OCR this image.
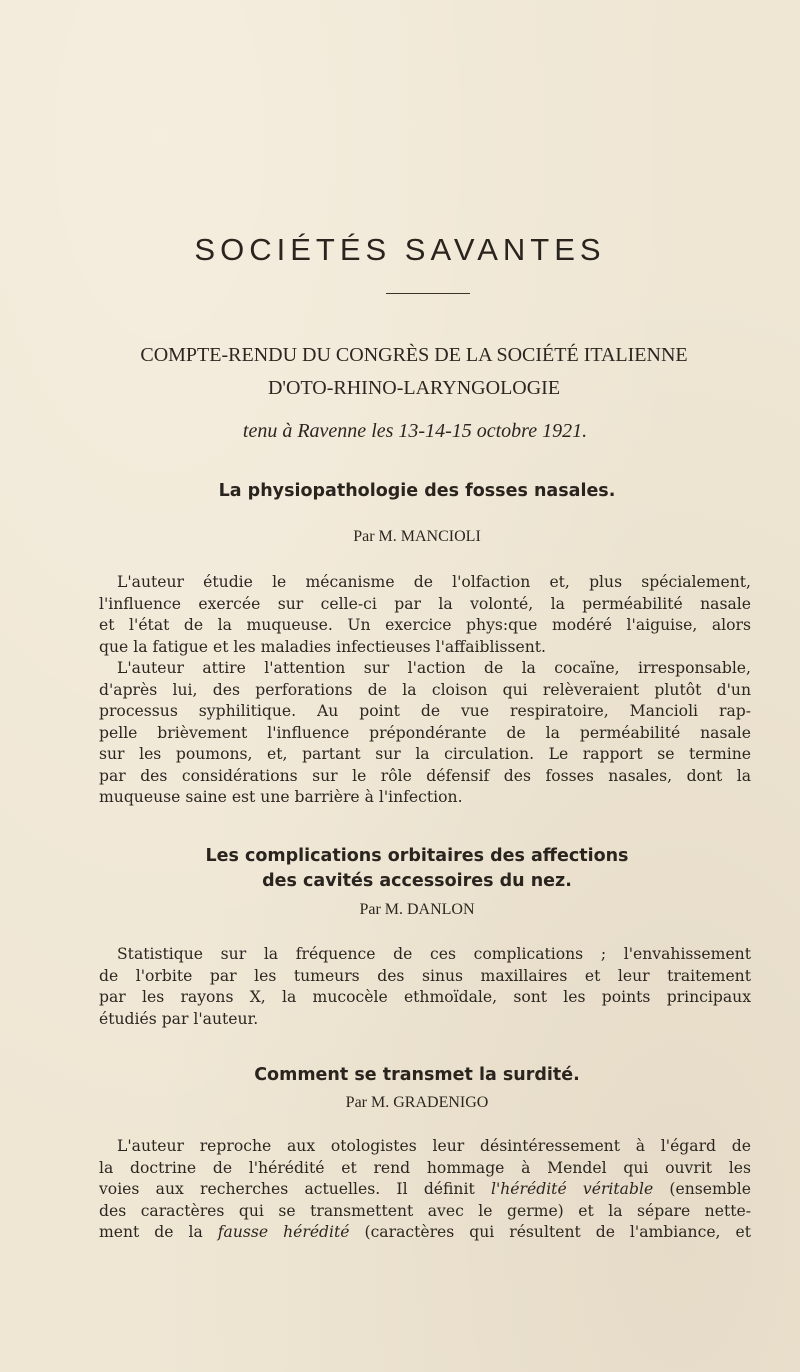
SOCIÉTÉS SAVANTES
COMPTE-RENDU DU CONGRÈS DE LA SOCIÉTÉ ITALIENNE
D'OTO-RHINO-LARYNGOLOGIE
tenu à Ravenne les 13-14-15 octobre 1921.
La physiopathologie des fosses nasales.
Par M. MANCIOLI
L'auteur étudie le mécanisme de l'olfaction et, plus spécialement,
l'influence exercée sur celle-ci par la volonté, la perméabilité nasale
et l'état de la muqueuse. Un exercice phys:que modéré l'aiguise, alors
que la fatigue et les maladies infectieuses l'affaiblissent.
L'auteur attire l'attention sur l'action de la cocaïne, irresponsable,
d'après lui, des perforations de la cloison qui relèveraient plutôt d'un
processus syphilitique. Au point de vue respiratoire, Mancioli rap-
pelle brièvement l'influence prépondérante de la perméabilité nasale
sur les poumons, et, partant sur la circulation. Le rapport se termine
par des considérations sur le rôle défensif des fosses nasales, dont la
muqueuse saine est une barrière à l'infection.
Les complications orbitaires des affections
des cavités accessoires du nez.
Par M. DANLON
Statistique sur la fréquence de ces complications ; l'envahissement
de l'orbite par les tumeurs des sinus maxillaires et leur traitement
par les rayons X, la mucocèle ethmoïdale, sont les points principaux
étudiés par l'auteur.
Comment se transmet la surdité.
Par M. GRADENIGO
L'auteur reproche aux otologistes leur désintéressement à l'égard de
la doctrine de l'hérédité et rend hommage à Mendel qui ouvrit les
voies aux recherches actuelles. Il définit l'hérédité véritable (ensemble
des caractères qui se transmettent avec le germe) et la sépare nette-
ment de la fausse hérédité (caractères qui résultent de l'ambiance, et
